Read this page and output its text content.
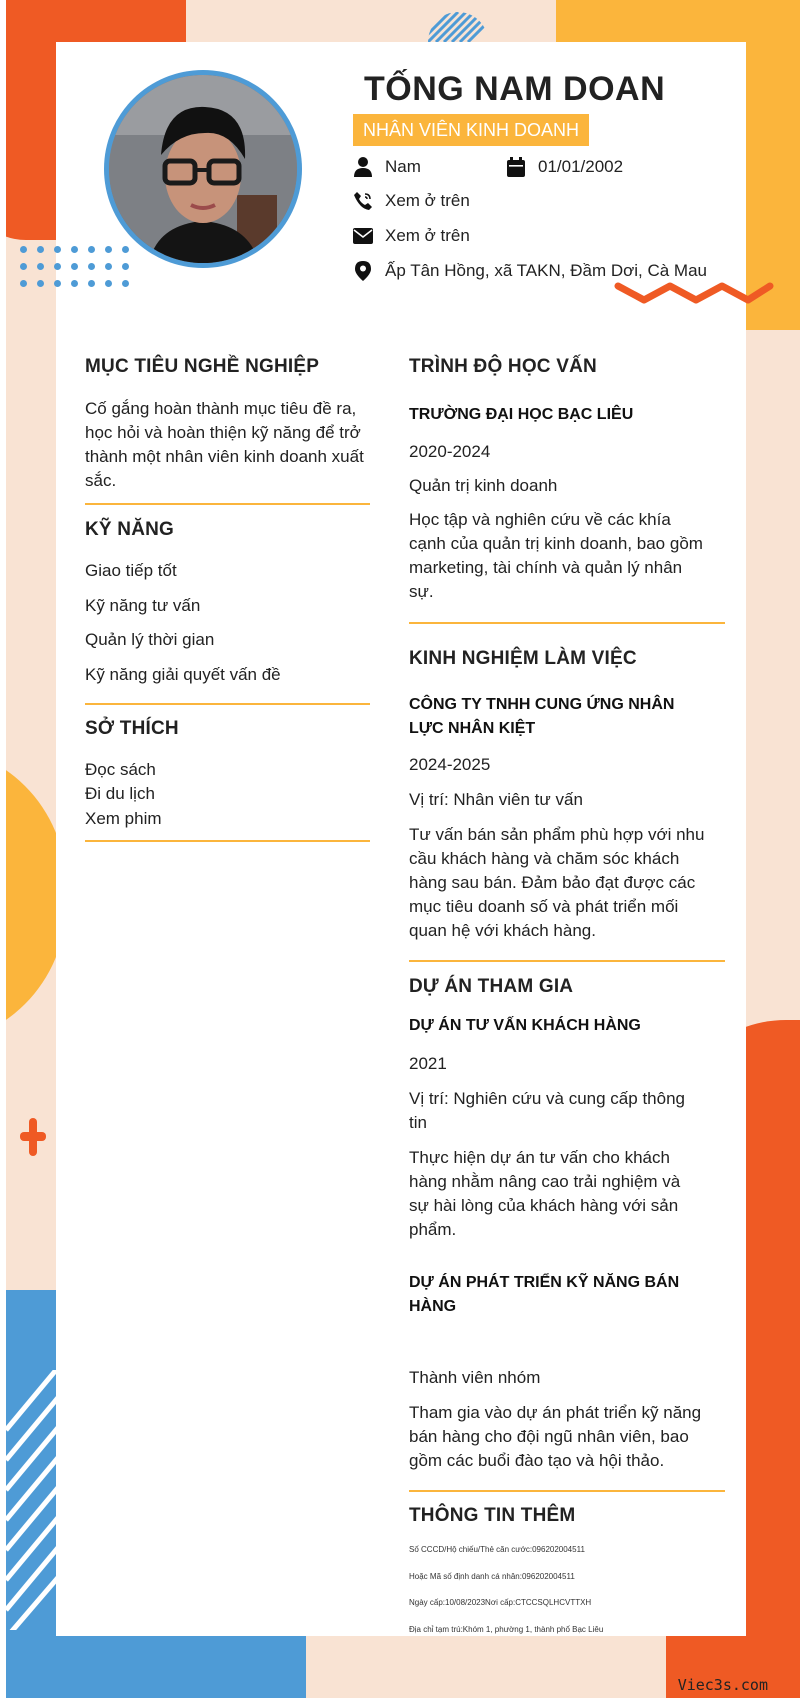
TỐNG NAM DOAN
NHÂN VIÊN KINH DOANH
Nam	01/01/2002
Xem ở trên
Xem ở trên
Ấp Tân Hồng, xã TAKN, Đầm Dơi, Cà Mau
MỤC TIÊU NGHỀ NGHIỆP
Cố gắng hoàn thành mục tiêu đề ra,
học hỏi và hoàn thiện kỹ năng để trở
thành một nhân viên kinh doanh xuất
sắc.
KỸ NĂNG
Giao tiếp tốt
Kỹ năng tư vấn
Quản lý thời gian
Kỹ năng giải quyết vấn đề
SỞ THÍCH
Đọc sách
Đi du lịch
Xem phim
TRÌNH ĐỘ HỌC VẤN
TRƯỜNG ĐẠI HỌC BẠC LIÊU
2020-2024
Quản trị kinh doanh
Học tập và nghiên cứu về các khía
cạnh của quản trị kinh doanh, bao gồm
marketing, tài chính và quản lý nhân
sự.
KINH NGHIỆM LÀM VIỆC
CÔNG TY TNHH CUNG ỨNG NHÂN
LỰC NHÂN KIỆT
2024-2025
Vị trí: Nhân viên tư vấn
Tư vấn bán sản phẩm phù hợp với nhu
cầu khách hàng và chăm sóc khách
hàng sau bán. Đảm bảo đạt được các
mục tiêu doanh số và phát triển mối
quan hệ với khách hàng.
DỰ ÁN THAM GIA
DỰ ÁN TƯ VẤN KHÁCH HÀNG
2021
Vị trí: Nghiên cứu và cung cấp thông
tin
Thực hiện dự án tư vấn cho khách
hàng nhằm nâng cao trải nghiệm và
sự hài lòng của khách hàng với sản
phẩm.
DỰ ÁN PHÁT TRIỂN KỸ NĂNG BÁN
HÀNG
Thành viên nhóm
Tham gia vào dự án phát triển kỹ năng
bán hàng cho đội ngũ nhân viên, bao
gồm các buổi đào tạo và hội thảo.
THÔNG TIN THÊM
Số CCCD/Hộ chiếu/Thẻ căn cước:096202004511
Hoặc Mã số định danh cá nhân:096202004511
Ngày cấp:10/08/2023Nơi cấp:CTCCSQLHCVTTXH
Địa chỉ tạm trú:Khóm 1, phường 1, thành phố Bạc Liêu
Viec3s.com
